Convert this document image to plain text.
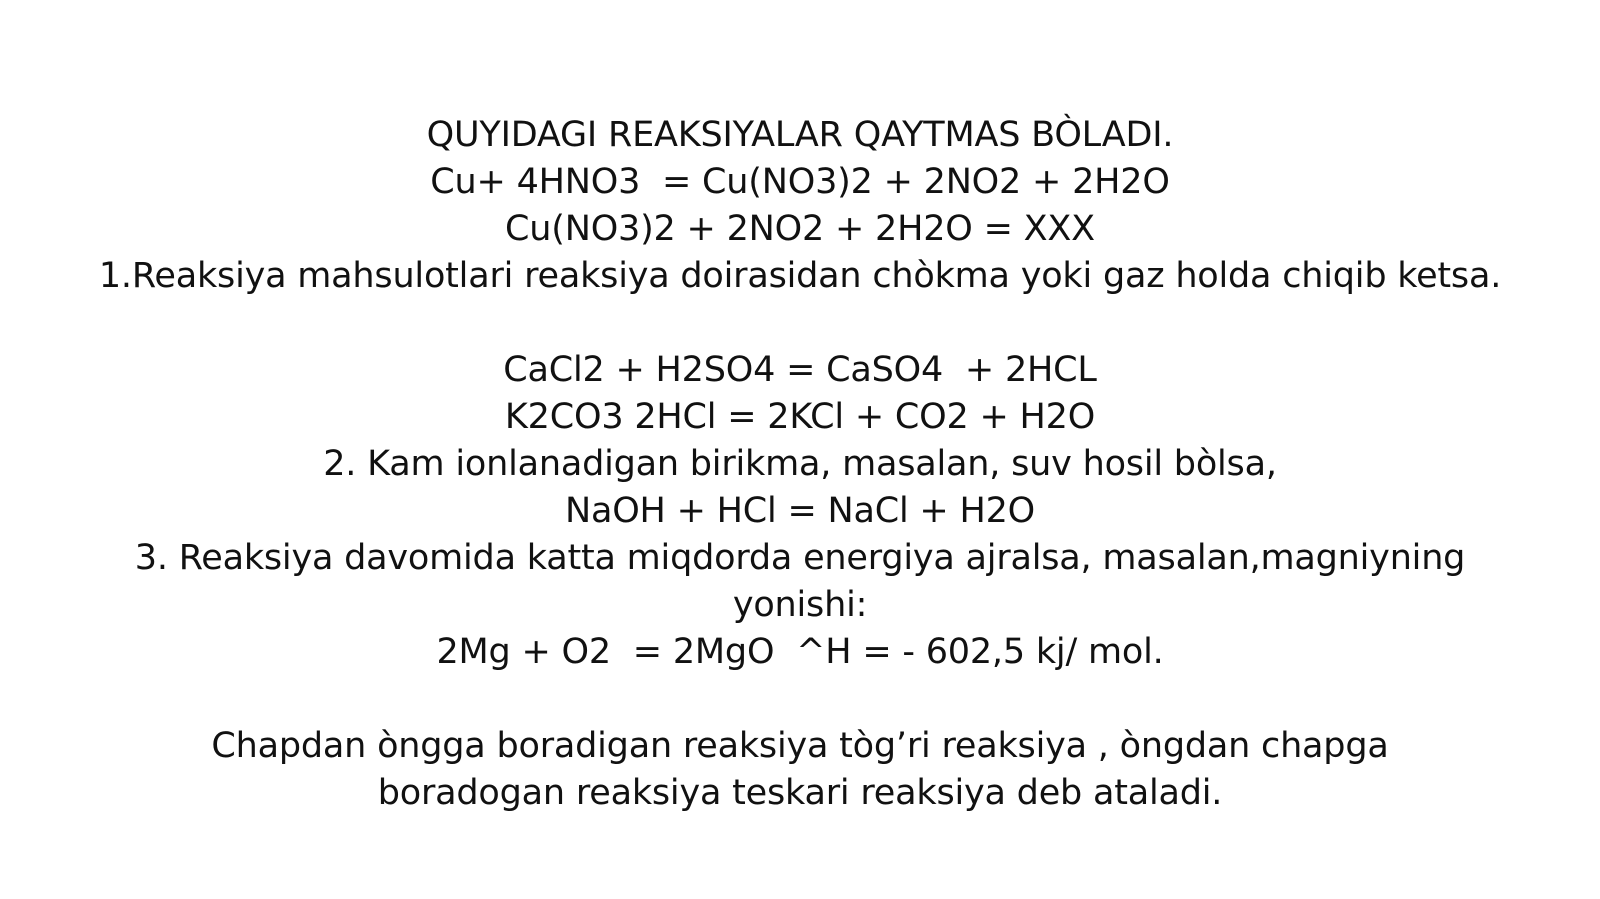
QUYIDAGI REAKSIYALAR QAYTMAS BÒLADI.
Cu+ 4HNO3  = Cu(NO3)2 + 2NO2 + 2H2O
Cu(NO3)2 + 2NO2 + 2H2O = XXX
1.Reaksiya mahsulotlari reaksiya doirasidan chòkma yoki gaz holda chiqib ketsa.
CaCl2 + H2SO4 = CaSO4  + 2HCL
K2CO3 2HCl = 2KCl + CO2 + H2O
2. Kam ionlanadigan birikma, masalan, suv hosil bòlsa,
NaOH + HCl = NaCl + H2O
3. Reaksiya davomida katta miqdorda energiya ajralsa, masalan,magniyning yonishi:
2Mg + O2  = 2MgO  ^H = - 602,5 kj/ mol.
Chapdan òngga boradigan reaksiya tòg’ri reaksiya , òngdan chapga boradogan reaksiya teskari reaksiya deb ataladi.
